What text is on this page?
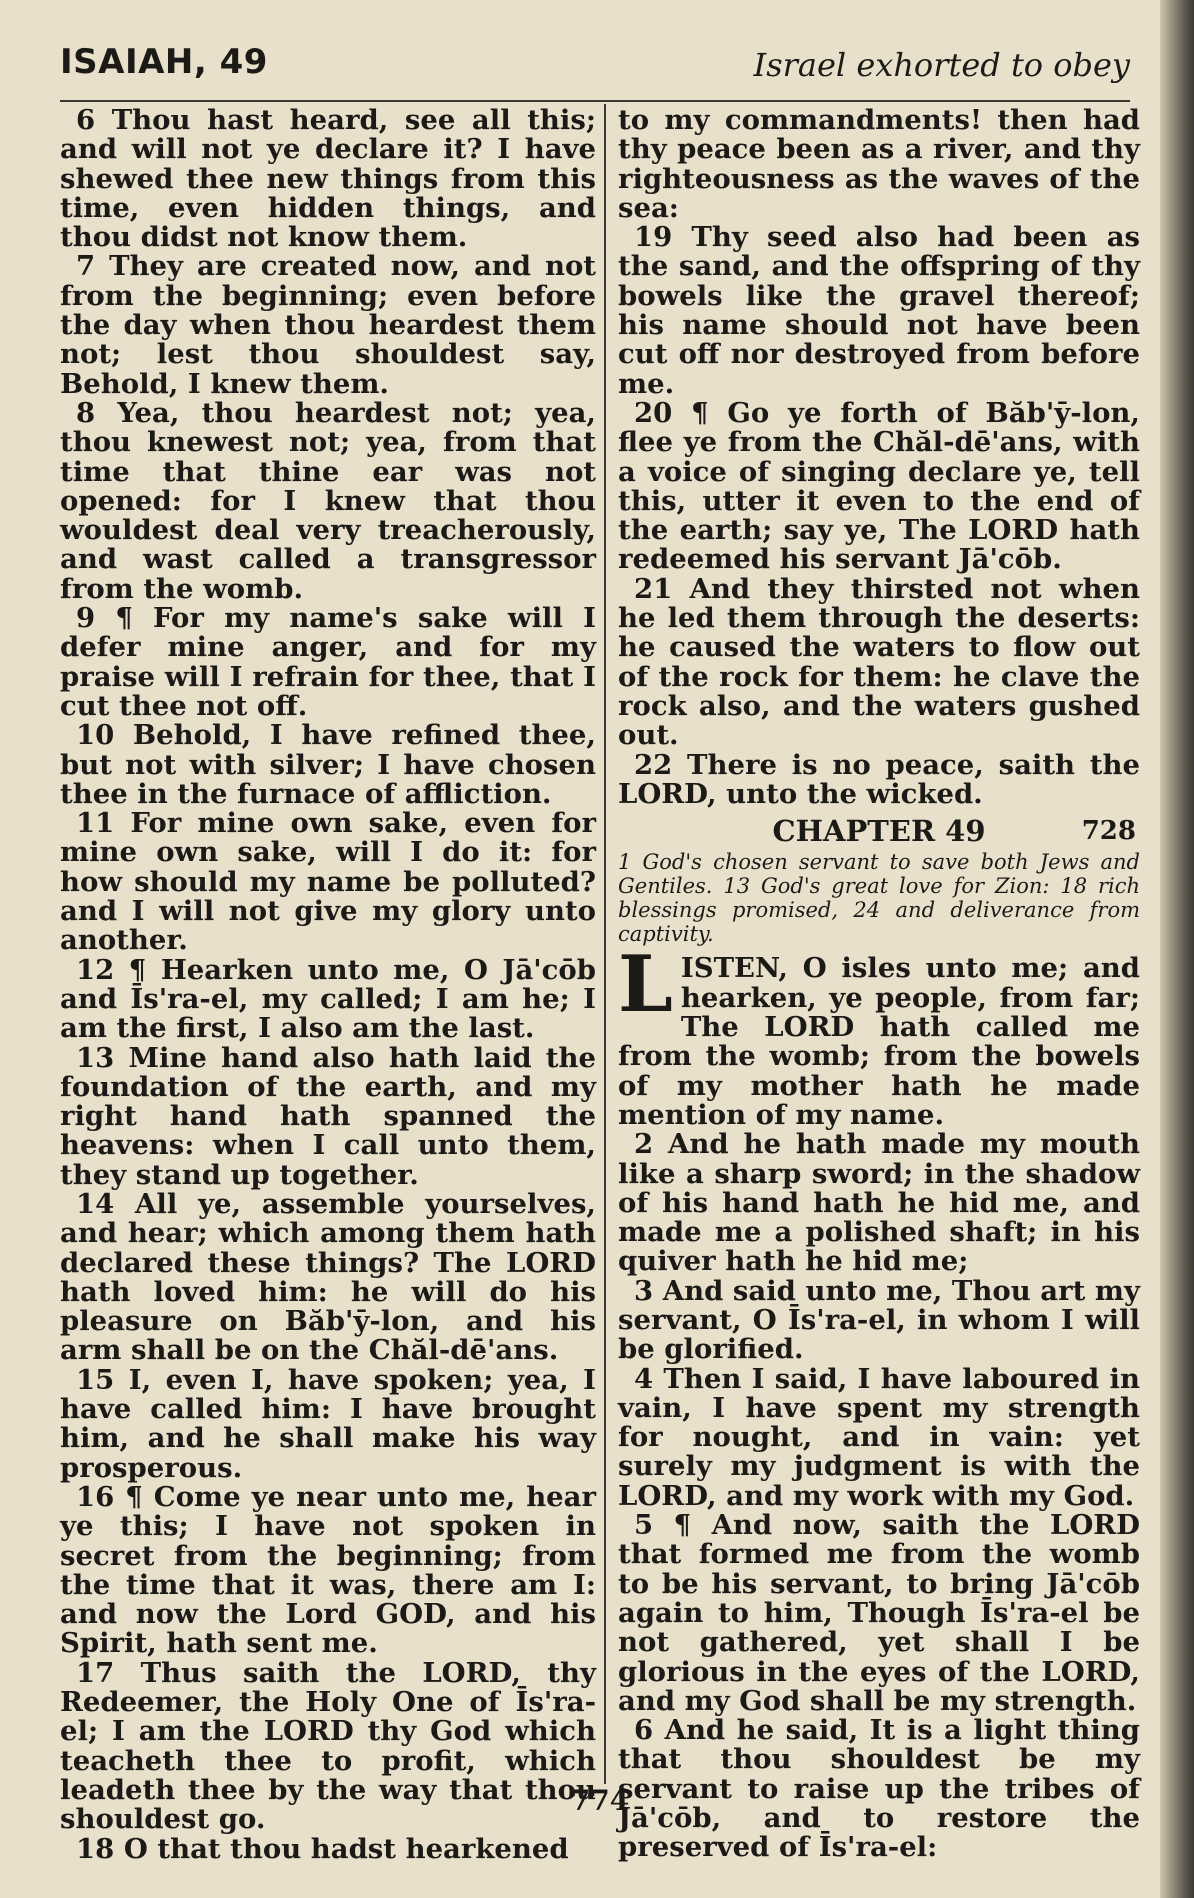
ISAIAH, 49	Israel exhorted to obey

6 Thou hast heard, see all this; and will not ye declare it? I have shewed thee new things from this time, even hidden things, and thou didst not know them.

7 They are created now, and not from the beginning; even before the day when thou heardest them not; lest thou shouldest say, Behold, I knew them.

8 Yea, thou heardest not; yea, thou knewest not; yea, from that time that thine ear was not opened: for I knew that thou wouldest deal very treacherously, and wast called a transgressor from the womb.

9 ¶ For my name's sake will I defer mine anger, and for my praise will I refrain for thee, that I cut thee not off.

10 Behold, I have refined thee, but not with silver; I have chosen thee in the furnace of affliction.

11 For mine own sake, even for mine own sake, will I do it: for how should my name be polluted? and I will not give my glory unto another.

12 ¶ Hearken unto me, O Jā'cōb and Īs'ra-el, my called; I am he; I am the first, I also am the last.

13 Mine hand also hath laid the foundation of the earth, and my right hand hath spanned the heavens: when I call unto them, they stand up together.

14 All ye, assemble yourselves, and hear; which among them hath declared these things? The LORD hath loved him: he will do his pleasure on Băb'ȳ-lon, and his arm shall be on the Chăl-dē'ans.

15 I, even I, have spoken; yea, I have called him: I have brought him, and he shall make his way prosperous.

16 ¶ Come ye near unto me, hear ye this; I have not spoken in secret from the beginning; from the time that it was, there am I: and now the Lord GOD, and his Spirit, hath sent me.

17 Thus saith the LORD, thy Redeemer, the Holy One of Īs'ra-el; I am the LORD thy God which teacheth thee to profit, which leadeth thee by the way that thou shouldest go.

18 O that thou hadst hearkened

to my commandments! then had thy peace been as a river, and thy righteousness as the waves of the sea:

19 Thy seed also had been as the sand, and the offspring of thy bowels like the gravel thereof; his name should not have been cut off nor destroyed from before me.

20 ¶ Go ye forth of Băb'ȳ-lon, flee ye from the Chăl-dē'ans, with a voice of singing declare ye, tell this, utter it even to the end of the earth; say ye, The LORD hath redeemed his servant Jā'cōb.

21 And they thirsted not when he led them through the deserts: he caused the waters to flow out of the rock for them: he clave the rock also, and the waters gushed out.

22 There is no peace, saith the LORD, unto the wicked.

CHAPTER 49	728

1 God's chosen servant to save both Jews and Gentiles. 13 God's great love for Zion: 18 rich blessings promised, 24 and deliverance from captivity.

LISTEN, O isles unto me; and hearken, ye people, from far; The LORD hath called me from the womb; from the bowels of my mother hath he made mention of my name.

2 And he hath made my mouth like a sharp sword; in the shadow of his hand hath he hid me, and made me a polished shaft; in his quiver hath he hid me;

3 And said unto me, Thou art my servant, O Īs'ra-el, in whom I will be glorified.

4 Then I said, I have laboured in vain, I have spent my strength for nought, and in vain: yet surely my judgment is with the LORD, and my work with my God.

5 ¶ And now, saith the LORD that formed me from the womb to be his servant, to bring Jā'cōb again to him, Though Īs'ra-el be not gathered, yet shall I be glorious in the eyes of the LORD, and my God shall be my strength.

6 And he said, It is a light thing that thou shouldest be my servant to raise up the tribes of Jā'cōb, and to restore the preserved of Īs'ra-el:

774
